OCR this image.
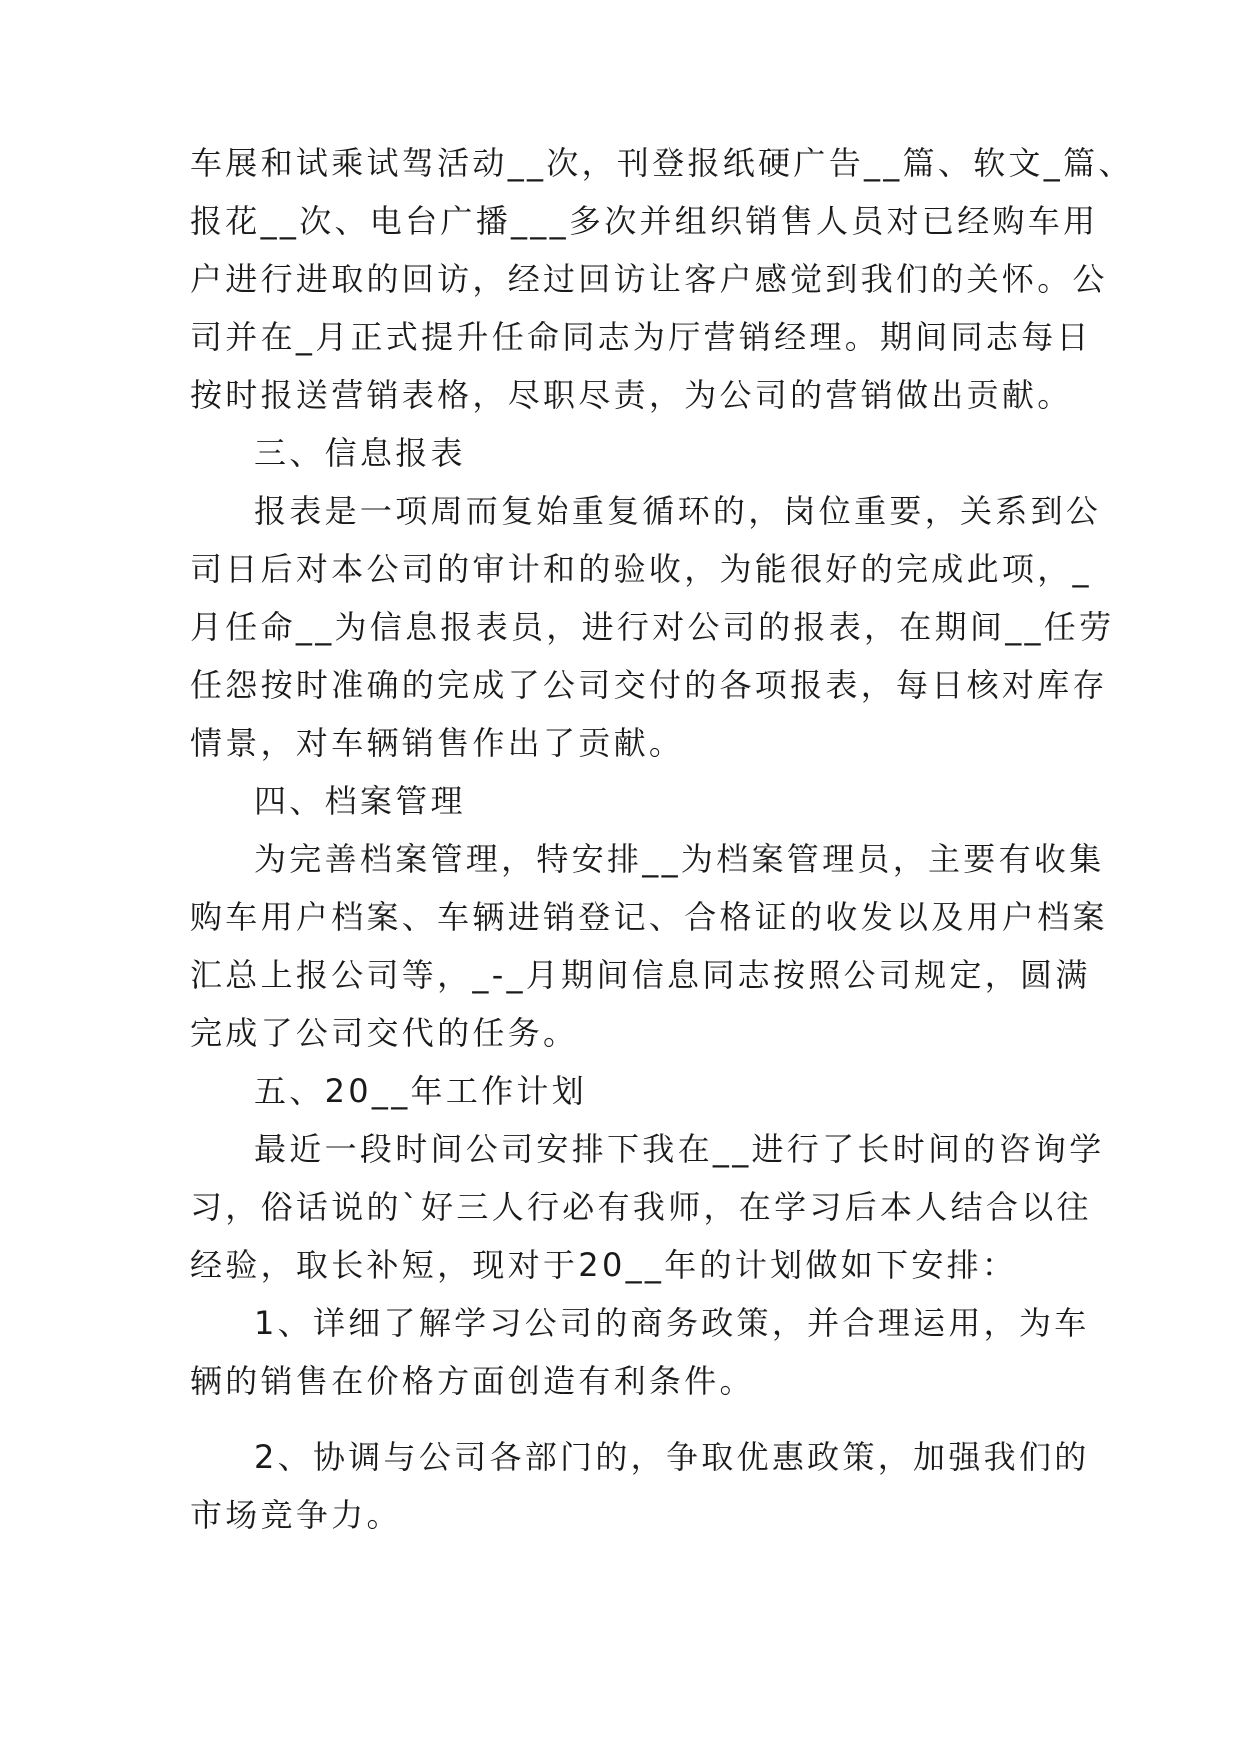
车展和试乘试驾活动__次，刊登报纸硬广告__篇、软文_篇、
报花__次、电台广播___多次并组织销售人员对已经购车用
户进行进取的回访，经过回访让客户感觉到我们的关怀。公
司并在_月正式提升任命同志为厅营销经理。期间同志每日
按时报送营销表格，尽职尽责，为公司的营销做出贡献。
三、信息报表
报表是一项周而复始重复循环的，岗位重要，关系到公
司日后对本公司的审计和的验收，为能很好的完成此项，_
月任命__为信息报表员，进行对公司的报表，在期间__任劳
任怨按时准确的完成了公司交付的各项报表，每日核对库存
情景，对车辆销售作出了贡献。
四、档案管理
为完善档案管理，特安排__为档案管理员，主要有收集
购车用户档案、车辆进销登记、合格证的收发以及用户档案
汇总上报公司等，_-_月期间信息同志按照公司规定，圆满
完成了公司交代的任务。
五、20__年工作计划
最近一段时间公司安排下我在__进行了长时间的咨询学
习，俗话说的`好三人行必有我师，在学习后本人结合以往
经验，取长补短，现对于20__年的计划做如下安排：
1、详细了解学习公司的商务政策，并合理运用，为车
辆的销售在价格方面创造有利条件。
2、协调与公司各部门的，争取优惠政策，加强我们的
市场竞争力。
